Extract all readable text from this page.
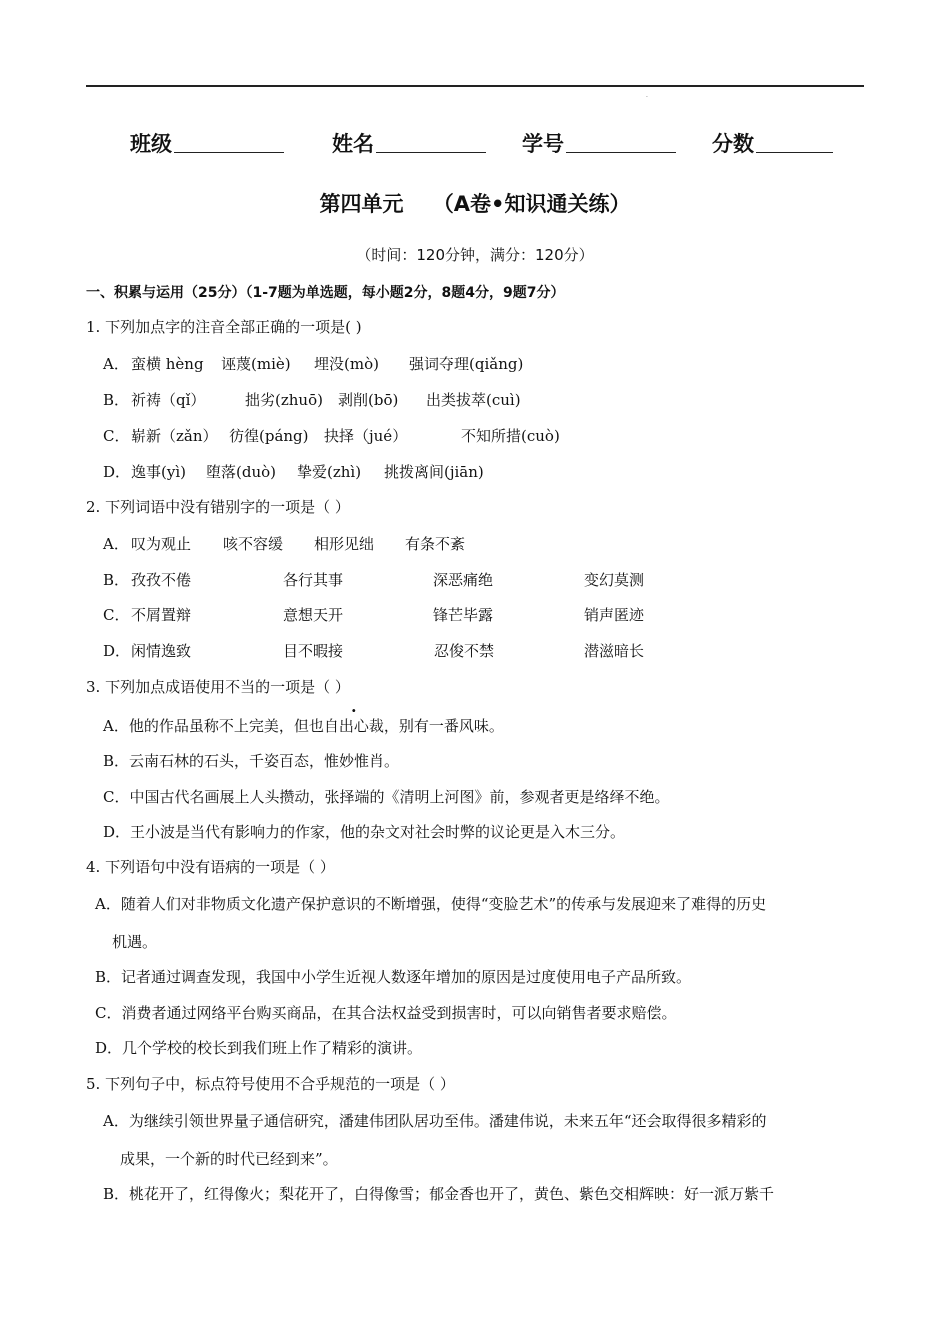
·
班级	姓名	学号	分数
第四单元    （A卷•知识通关练）
（时间：120分钟，满分：120分）
一、积累与运用（25分）（1-7题为单选题，每小题2分，8题4分，9题7分）
1. 下列加点字的注音全部正确的一项是( )
A． 蛮横 hèng 诬蔑(miè) 埋没(mò) 强词夺理(qiǎng)
B． 祈祷（qǐ）	拙劣(zhuō) 剥削(bō) 出类拔萃(cuì)
C． 崭新（zǎn） 彷徨(páng) 抉择（jué）	不知所措(cuò)
D． 逸事(yì) 堕落(duò) 挚爱(zhì) 挑拨离间(jiān)
2. 下列词语中没有错别字的一项是（ ）
A． 叹为观止 咳不容缓 相形见绌 有条不紊
B． 孜孜不倦	各行其事	深恶痛绝	变幻莫测
C． 不屑置辩	意想天开	锋芒毕露	销声匿迹
D． 闲情逸致	目不暇接	忍俊不禁	潜滋暗长
3. 下列加点成语使用不当的一项是（ ）
A．他的作品虽称不上完美，但也自出心裁，别有一番风味。
B．云南石林的石头，千姿百态，惟妙惟肖。
C．中国古代名画展上人头攒动，张择端的《清明上河图》前，参观者更是络绎不绝。
D．王小波是当代有影响力的作家，他的杂文对社会时弊的议论更是入木三分。
4. 下列语句中没有语病的一项是（ ）
A．随着人们对非物质文化遗产保护意识的不断增强，使得“变脸艺术”的传承与发展迎来了难得的历史
机遇。
B．记者通过调查发现，我国中小学生近视人数逐年增加的原因是过度使用电子产品所致。
C．消费者通过网络平台购买商品，在其合法权益受到损害时，可以向销售者要求赔偿。
D．几个学校的校长到我们班上作了精彩的演讲。
5. 下列句子中，标点符号使用不合乎规范的一项是（ ）
A．为继续引领世界量子通信研究，潘建伟团队居功至伟。潘建伟说，未来五年“还会取得很多精彩的
成果，一个新的时代已经到来”。
B．桃花开了，红得像火；梨花开了，白得像雪；郁金香也开了，黄色、紫色交相辉映：好一派万紫千
